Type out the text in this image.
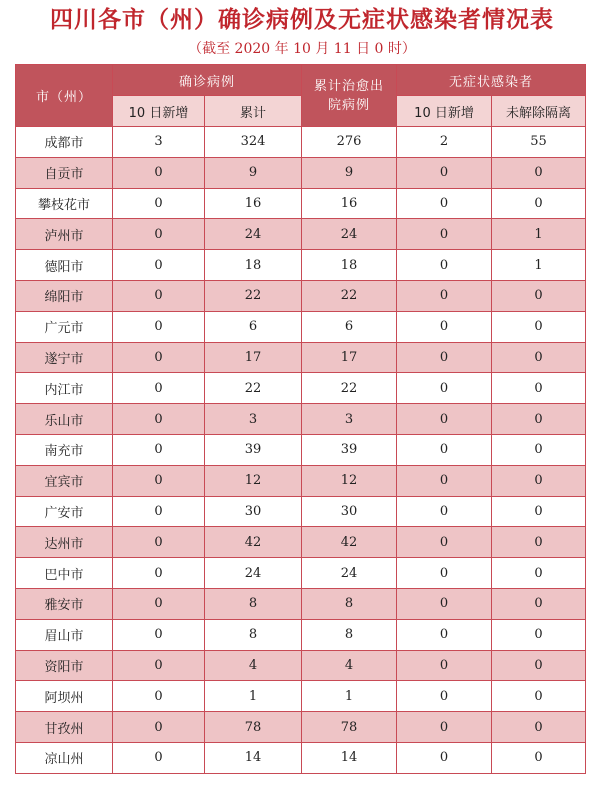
四川各市（州）确诊病例及无症状感染者情况表
（截至 2020 年 10 月 11 日 0 时）
市（州）	确诊病例		累计治愈出
院病例	无症状感染者	
	10 日新增	累计		10 日新增	未解除隔离
成都市	3	324	276	2	55
自贡市	0	9	9	0	0
攀枝花市	0	16	16	0	0
泸州市	0	24	24	0	1
德阳市	0	18	18	0	1
绵阳市	0	22	22	0	0
广元市	0	6	6	0	0
遂宁市	0	17	17	0	0
内江市	0	22	22	0	0
乐山市	0	3	3	0	0
南充市	0	39	39	0	0
宜宾市	0	12	12	0	0
广安市	0	30	30	0	0
达州市	0	42	42	0	0
巴中市	0	24	24	0	0
雅安市	0	8	8	0	0
眉山市	0	8	8	0	0
资阳市	0	4	4	0	0
阿坝州	0	1	1	0	0
甘孜州	0	78	78	0	0
凉山州	0	14	14	0	0
